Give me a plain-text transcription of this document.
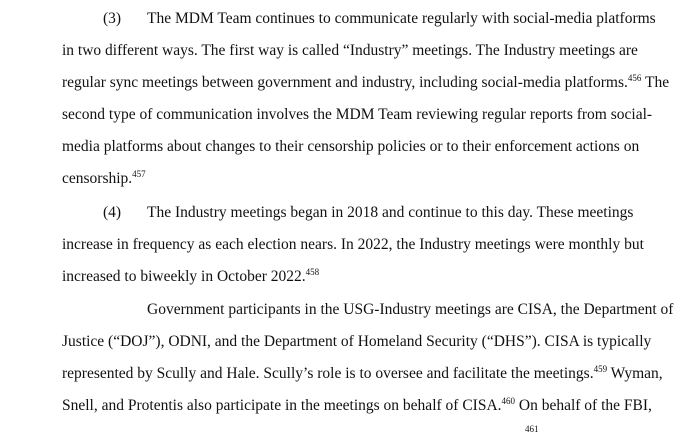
(3) The MDM Team continues to communicate regularly with social-media platforms
in two different ways. The first way is called “Industry” meetings. The Industry meetings are
regular sync meetings between government and industry, including social-media platforms.$^{456}$ The
second type of communication involves the MDM Team reviewing regular reports from social-
media platforms about changes to their censorship policies or to their enforcement actions on
censorship.$^{457}$
(4) The Industry meetings began in 2018 and continue to this day. These meetings
increase in frequency as each election nears. In 2022, the Industry meetings were monthly but
increased to biweekly in October 2022.$^{458}$
Government participants in the USG-Industry meetings are CISA, the Department of
Justice (“DOJ”), ODNI, and the Department of Homeland Security (“DHS”). CISA is typically
represented by Scully and Hale. Scully’s role is to oversee and facilitate the meetings.$^{459}$ Wyman,
Snell, and Protentis also participate in the meetings on behalf of CISA.$^{460}$ On behalf of the FBI,
461
